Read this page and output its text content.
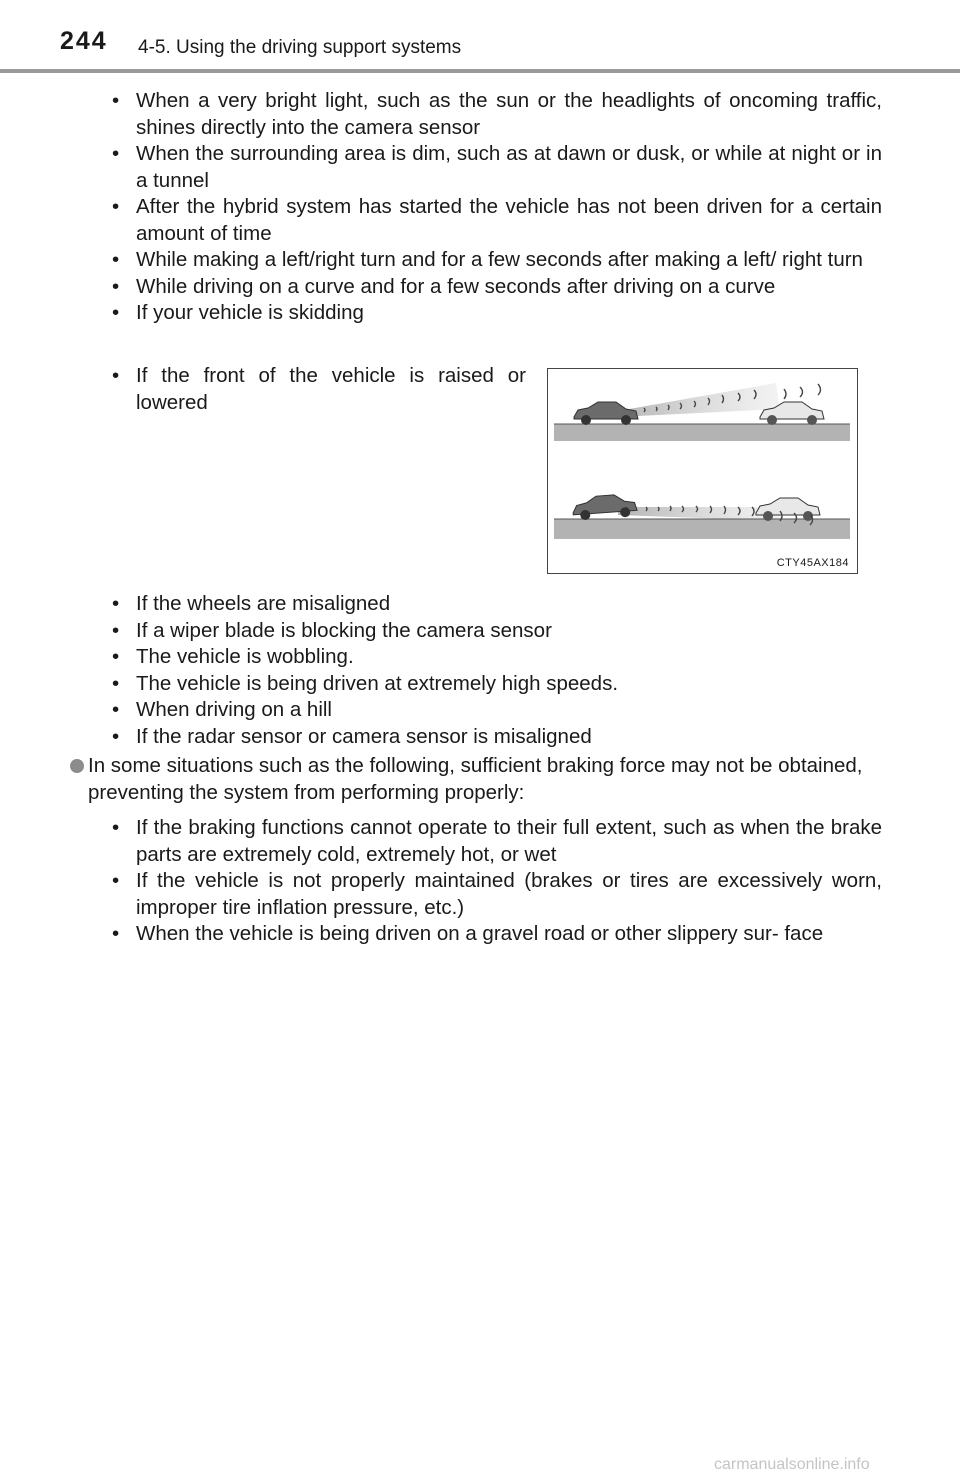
244 4-5. Using the driving support systems
• When a very bright light, such as the sun or the headlights of oncoming traffic, shines directly into the camera sensor
• When the surrounding area is dim, such as at dawn or dusk, or while at night or in a tunnel
• After the hybrid system has started the vehicle has not been driven for a certain amount of time
• While making a left/right turn and for a few seconds after making a left/ right turn
• While driving on a curve and for a few seconds after driving on a curve
• If your vehicle is skidding
• If the front of the vehicle is raised or lowered
CTY45AX184
• If the wheels are misaligned
• If a wiper blade is blocking the camera sensor
• The vehicle is wobbling.
• The vehicle is being driven at extremely high speeds.
• When driving on a hill
• If the radar sensor or camera sensor is misaligned
In some situations such as the following, sufficient braking force may not be obtained, preventing the system from performing properly:
• If the braking functions cannot operate to their full extent, such as when the brake parts are extremely cold, extremely hot, or wet
• If the vehicle is not properly maintained (brakes or tires are excessively worn, improper tire inflation pressure, etc.)
• When the vehicle is being driven on a gravel road or other slippery sur- face
carmanualsonline.info
